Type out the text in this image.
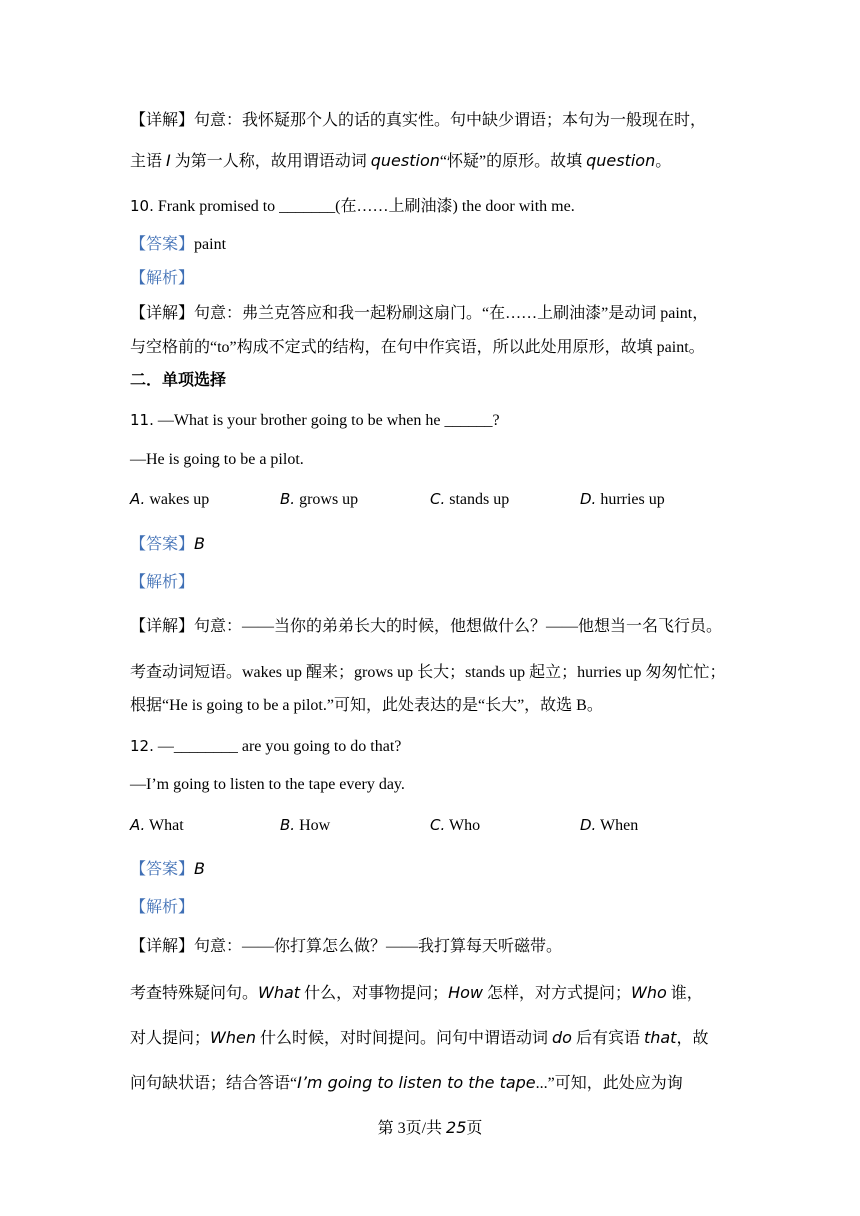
【详解】句意：我怀疑那个人的话的真实性。句中缺少谓语；本句为一般现在时，
主语 I 为第一人称，故用谓语动词 question“怀疑”的原形。故填 question。
10. Frank promised to _______(在……上刷油漆) the door with me.
【答案】paint
【解析】
【详解】句意：弗兰克答应和我一起粉刷这扇门。“在……上刷油漆”是动词 paint，
与空格前的“to”构成不定式的结构，在句中作宾语，所以此处用原形，故填 paint。
二．单项选择
11. —What is your brother going to be when he ______?
—He is going to be a pilot.
A. wakes up	B. grows up	C. stands up	D. hurries up
【答案】B
【解析】
【详解】句意：——当你的弟弟长大的时候，他想做什么？——他想当一名飞行员。
考查动词短语。wakes up 醒来；grows up 长大；stands up 起立；hurries up 匆匆忙忙；
根据“He is going to be a pilot.”可知，此处表达的是“长大”，故选 B。
12. —________ are you going to do that?
—I’m going to listen to the tape every day.
A. What	B. How	C. Who	D. When
【答案】B
【解析】
【详解】句意：——你打算怎么做？——我打算每天听磁带。
考查特殊疑问句。What 什么，对事物提问；How 怎样，对方式提问；Who 谁，
对人提问；When 什么时候，对时间提问。问句中谓语动词 do 后有宾语 that，故
问句缺状语；结合答语“I’m going to listen to the tape...”可知，此处应为询
第 3页/共 25页
